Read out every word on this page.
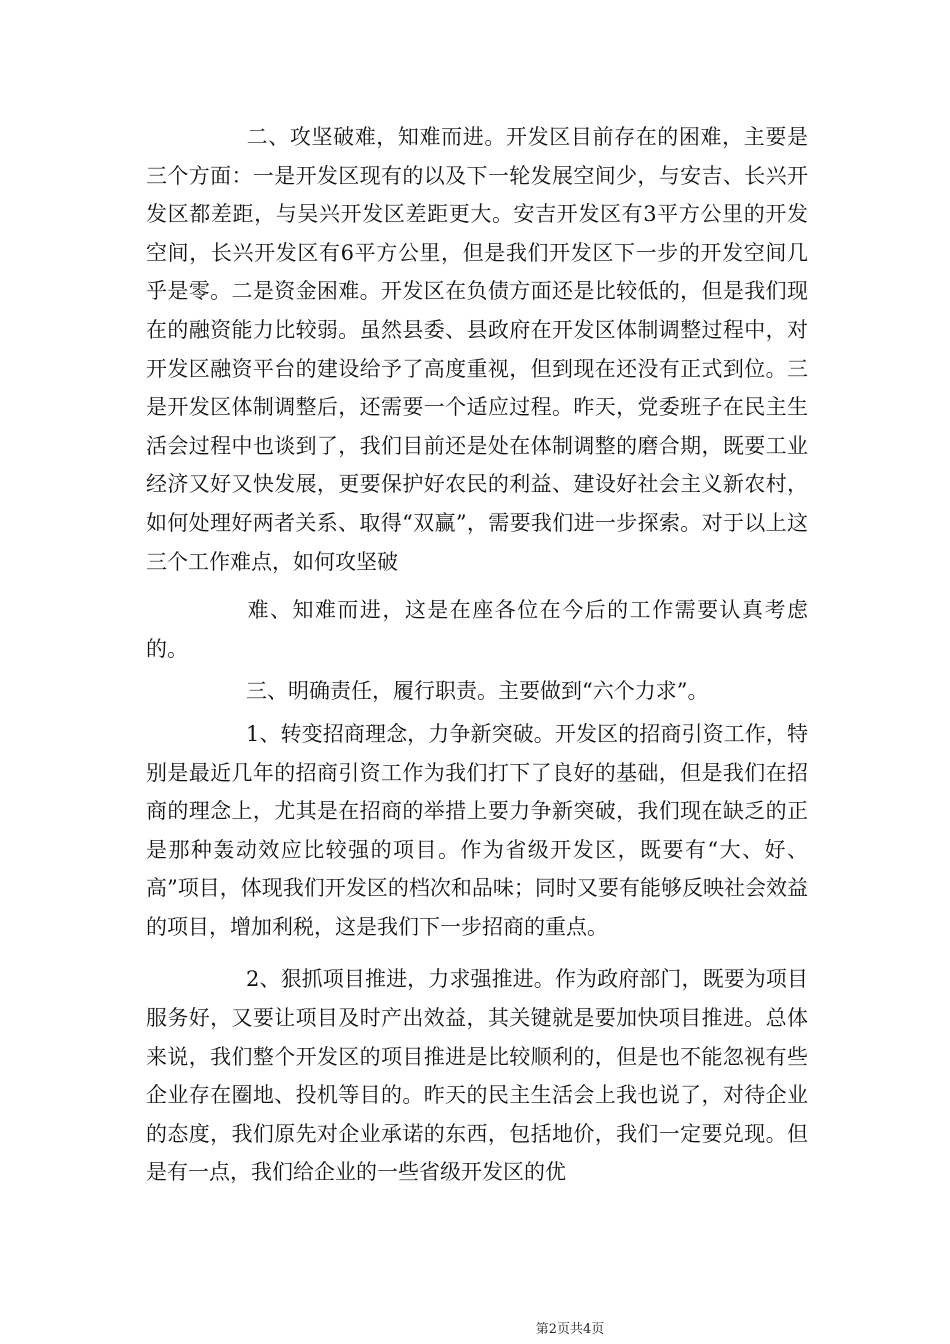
二、攻坚破难，知难而进。开发区目前存在的困难，主要是三个方面：一是开发区现有的以及下一轮发展空间少，与安吉、长兴开发区都差距，与吴兴开发区差距更大。安吉开发区有3平方公里的开发空间，长兴开发区有6平方公里，但是我们开发区下一步的开发空间几乎是零。二是资金困难。开发区在负债方面还是比较低的，但是我们现在的融资能力比较弱。虽然县委、县政府在开发区体制调整过程中，对开发区融资平台的建设给予了高度重视，但到现在还没有正式到位。三是开发区体制调整后，还需要一个适应过程。昨天，党委班子在民主生活会过程中也谈到了，我们目前还是处在体制调整的磨合期，既要工业经济又好又快发展，更要保护好农民的利益、建设好社会主义新农村，如何处理好两者关系、取得“双赢”，需要我们进一步探索。对于以上这三个工作难点，如何攻坚破
难、知难而进，这是在座各位在今后的工作需要认真考虑的。
三、明确责任，履行职责。主要做到“六个力求”。
1、转变招商理念，力争新突破。开发区的招商引资工作，特别是最近几年的招商引资工作为我们打下了良好的基础，但是我们在招商的理念上，尤其是在招商的举措上要力争新突破，我们现在缺乏的正是那种轰动效应比较强的项目。作为省级开发区，既要有“大、好、高”项目，体现我们开发区的档次和品味；同时又要有能够反映社会效益的项目，增加利税，这是我们下一步招商的重点。
2、狠抓项目推进，力求强推进。作为政府部门，既要为项目服务好，又要让项目及时产出效益，其关键就是要加快项目推进。总体来说，我们整个开发区的项目推进是比较顺利的，但是也不能忽视有些企业存在圈地、投机等目的。昨天的民主生活会上我也说了，对待企业的态度，我们原先对企业承诺的东西，包括地价，我们一定要兑现。但是有一点，我们给企业的一些省级开发区的优
第2页共4页
